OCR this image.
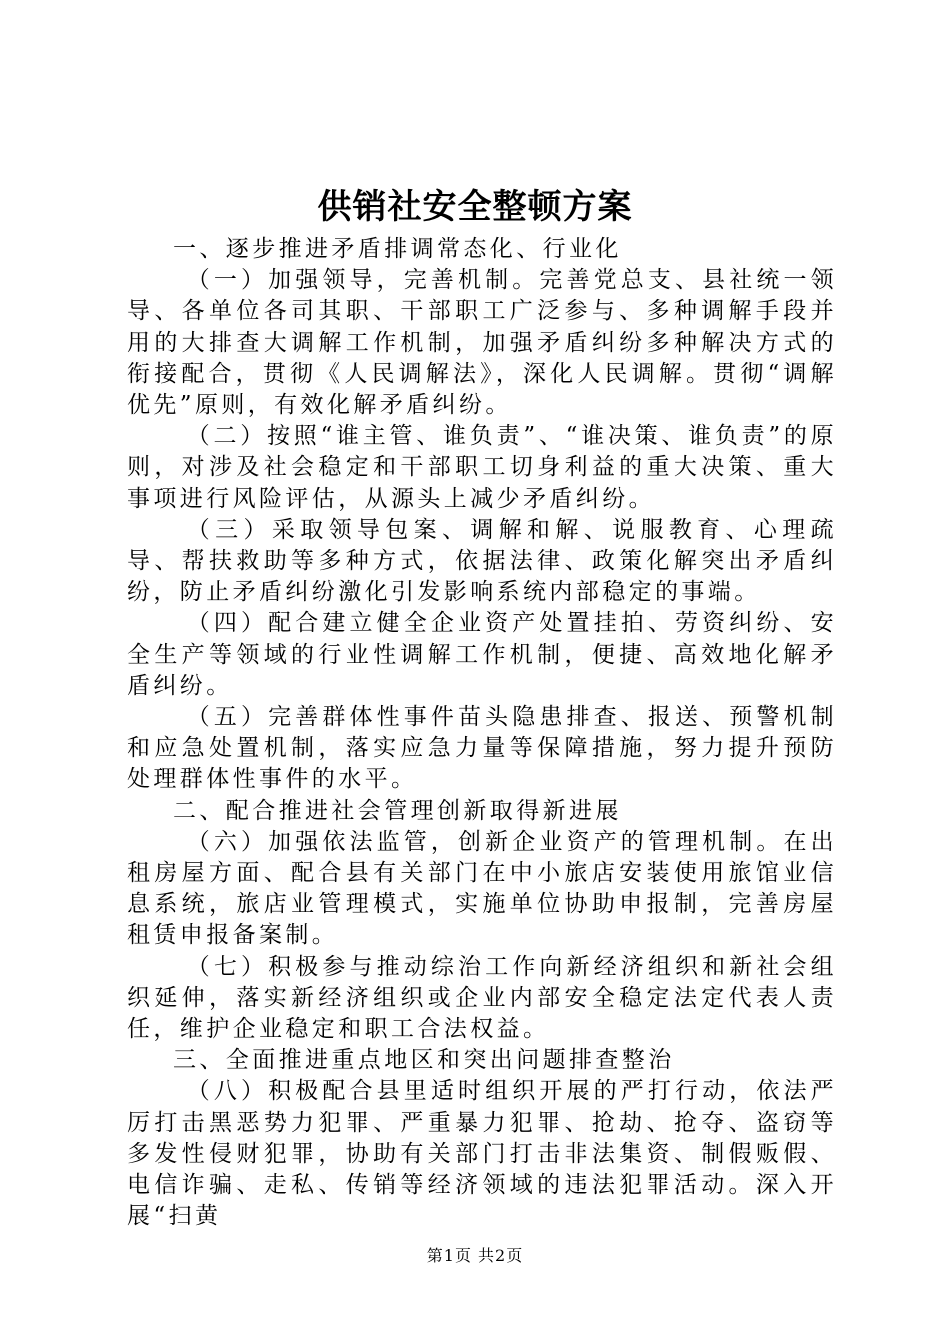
供销社安全整顿方案

一、逐步推进矛盾排调常态化、行业化

（一）加强领导，完善机制。完善党总支、县社统一领导、各单位各司其职、干部职工广泛参与、多种调解手段并用的大排查大调解工作机制，加强矛盾纠纷多种解决方式的衔接配合，贯彻《人民调解法》，深化人民调解。贯彻“调解优先”原则，有效化解矛盾纠纷。

（二）按照“谁主管、谁负责”、“谁决策、谁负责”的原则，对涉及社会稳定和干部职工切身利益的重大决策、重大事项进行风险评估，从源头上减少矛盾纠纷。

（三）采取领导包案、调解和解、说服教育、心理疏导、帮扶救助等多种方式，依据法律、政策化解突出矛盾纠纷，防止矛盾纠纷激化引发影响系统内部稳定的事端。

（四）配合建立健全企业资产处置挂拍、劳资纠纷、安全生产等领域的行业性调解工作机制，便捷、高效地化解矛盾纠纷。

（五）完善群体性事件苗头隐患排查、报送、预警机制和应急处置机制，落实应急力量等保障措施，努力提升预防处理群体性事件的水平。

二、配合推进社会管理创新取得新进展

（六）加强依法监管，创新企业资产的管理机制。在出租房屋方面、配合县有关部门在中小旅店安装使用旅馆业信息系统，旅店业管理模式，实施单位协助申报制，完善房屋租赁申报备案制。

（七）积极参与推动综治工作向新经济组织和新社会组织延伸，落实新经济组织或企业内部安全稳定法定代表人责任，维护企业稳定和职工合法权益。

三、全面推进重点地区和突出问题排查整治

（八）积极配合县里适时组织开展的严打行动，依法严厉打击黑恶势力犯罪、严重暴力犯罪、抢劫、抢夺、盗窃等多发性侵财犯罪，协助有关部门打击非法集资、制假贩假、电信诈骗、走私、传销等经济领域的违法犯罪活动。深入开展“扫黄

第1页 共2页
